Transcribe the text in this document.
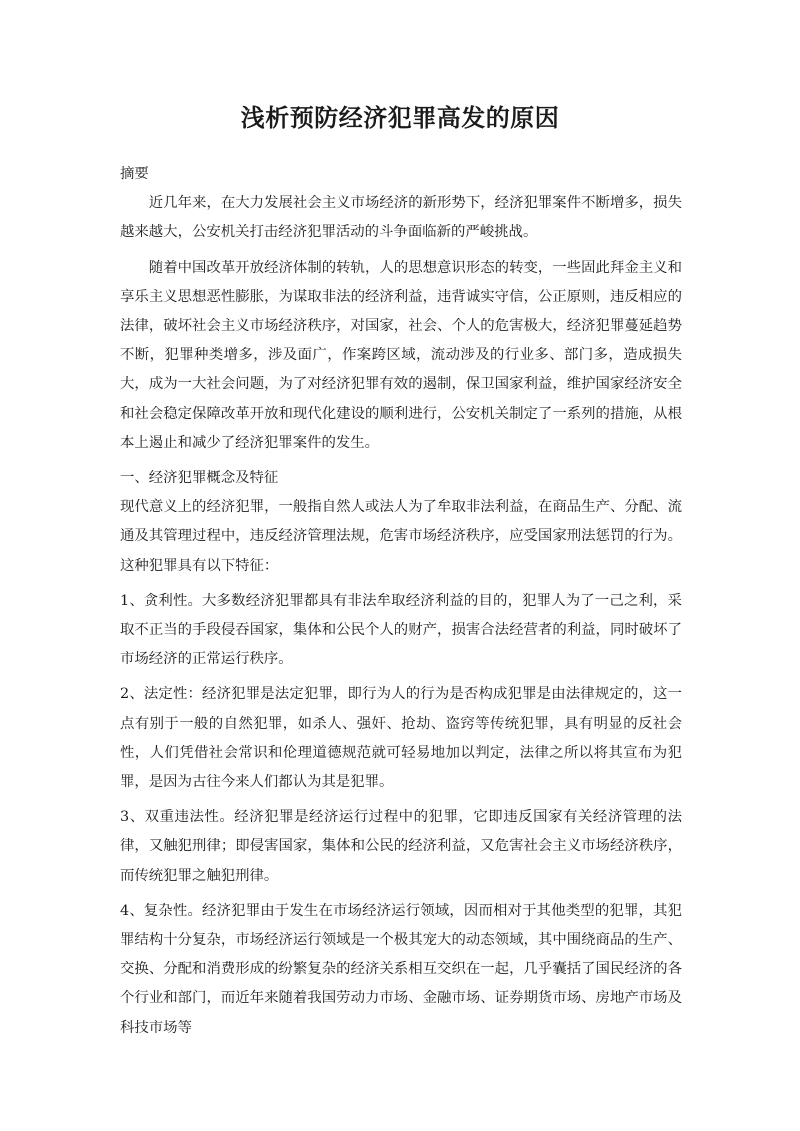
浅析预防经济犯罪高发的原因

摘要

近几年来，在大力发展社会主义市场经济的新形势下，经济犯罪案件不断增多，损失越来越大，公安机关打击经济犯罪活动的斗争面临新的严峻挑战。

随着中国改革开放经济体制的转轨，人的思想意识形态的转变，一些固此拜金主义和享乐主义思想恶性膨胀，为谋取非法的经济利益，违背诚实守信，公正原则，违反相应的法律，破坏社会主义市场经济秩序，对国家，社会、个人的危害极大，经济犯罪蔓延趋势不断，犯罪种类增多，涉及面广，作案跨区域，流动涉及的行业多、部门多，造成损失大，成为一大社会问题，为了对经济犯罪有效的遏制，保卫国家利益，维护国家经济安全和社会稳定保障改革开放和现代化建设的顺利进行，公安机关制定了一系列的措施，从根本上遏止和减少了经济犯罪案件的发生。

一、经济犯罪概念及特征

现代意义上的经济犯罪，一般指自然人或法人为了牟取非法利益，在商品生产、分配、流通及其管理过程中，违反经济管理法规，危害市场经济秩序，应受国家刑法惩罚的行为。这种犯罪具有以下特征：

1、贪利性。大多数经济犯罪都具有非法牟取经济利益的目的，犯罪人为了一己之利，采取不正当的手段侵吞国家，集体和公民个人的财产，损害合法经营者的利益，同时破坏了市场经济的正常运行秩序。

2、法定性：经济犯罪是法定犯罪，即行为人的行为是否构成犯罪是由法律规定的，这一点有别于一般的自然犯罪，如杀人、强奸、抢劫、盗窍等传统犯罪，具有明显的反社会性，人们凭借社会常识和伦理道德规范就可轻易地加以判定，法律之所以将其宣布为犯罪，是因为古往今来人们都认为其是犯罪。

3、双重违法性。经济犯罪是经济运行过程中的犯罪，它即违反国家有关经济管理的法律，又触犯刑律；即侵害国家，集体和公民的经济利益，又危害社会主义市场经济秩序，而传统犯罪之触犯刑律。

4、复杂性。经济犯罪由于发生在市场经济运行领域，因而相对于其他类型的犯罪，其犯罪结构十分复杂，市场经济运行领域是一个极其宠大的动态领域，其中围绕商品的生产、交换、分配和消费形成的纷繁复杂的经济关系相互交织在一起，几乎囊括了国民经济的各个行业和部门，而近年来随着我国劳动力市场、金融市场、证券期货市场、房地产市场及科技市场等
